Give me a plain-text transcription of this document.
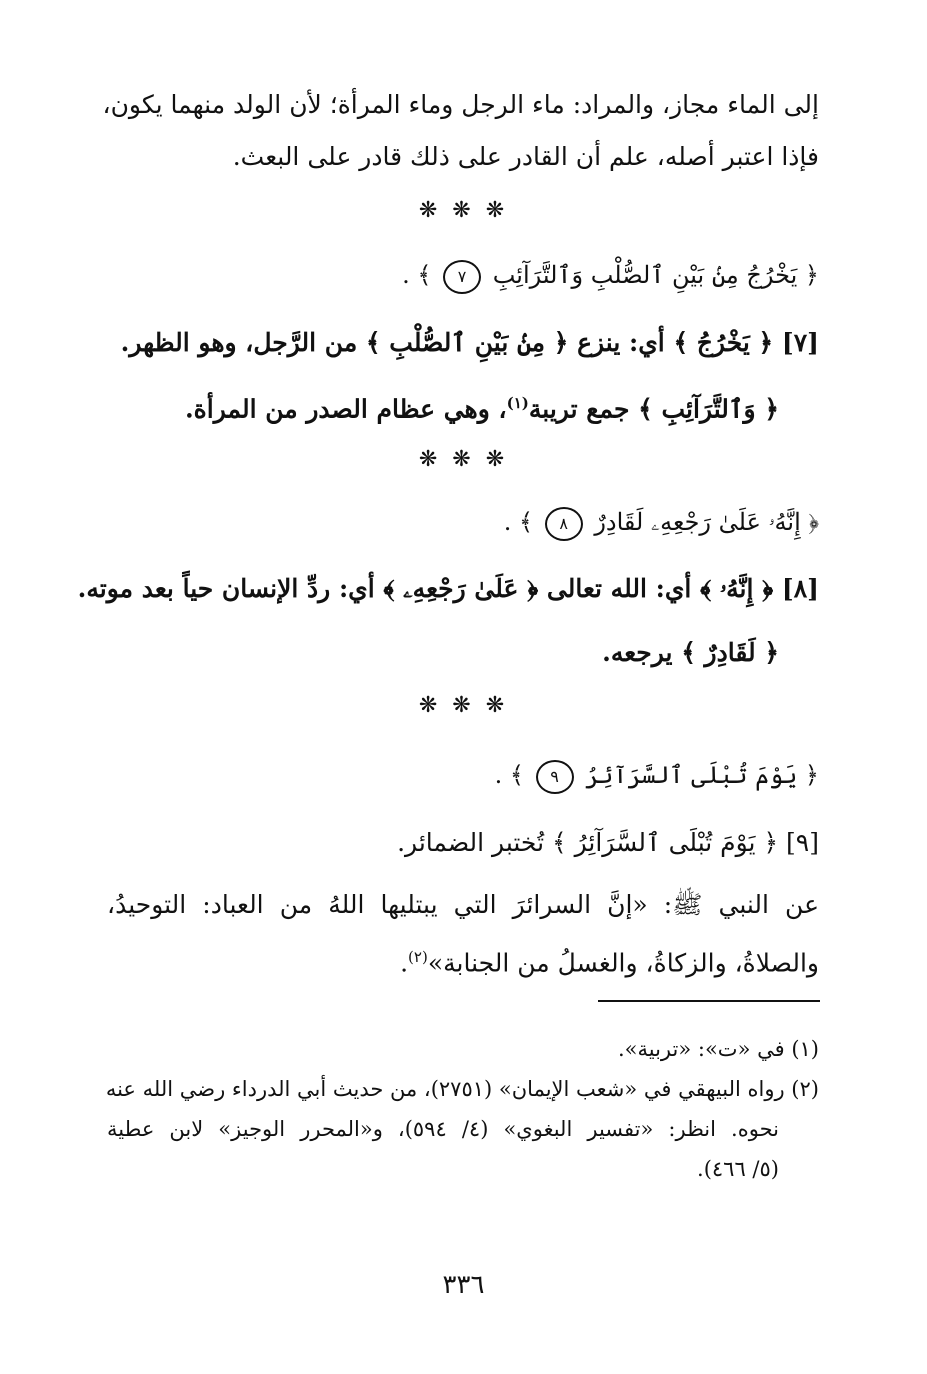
إلى الماء مجاز، والمراد: ماء الرجل وماء المرأة؛ لأن الولد منهما يكون،
فإذا اعتبر أصله، علم أن القادر على ذلك قادر على البعث.
❋ ❋ ❋
﴿ يَخْرُجُ مِنۢ بَيْنِ ٱلصُّلْبِ وَٱلتَّرَآئِبِ ٧ ﴾ .
[٧] ﴿ يَخْرُجُ ﴾ أي: ينزع ﴿ مِنۢ بَيْنِ ٱلصُّلْبِ ﴾ من الرَّجل، وهو الظهر.
﴿ وَٱلتَّرَآئِبِ ﴾ جمع تريبة$^{(١)}$، وهي عظام الصدر من المرأة.
❋ ❋ ❋
﴿ إِنَّهُۥ عَلَىٰ رَجْعِهِۦ لَقَادِرٌ ٨ ﴾ .
[٨] ﴿ إِنَّهُۥ ﴾ أي: الله تعالى ﴿ عَلَىٰ رَجْعِهِۦ ﴾ أي: ردِّ الإنسان حياً بعد موته.
﴿ لَقَادِرٌ ﴾ يرجعه.
❋ ❋ ❋
﴿ يَوْمَ تُبْلَى ٱلسَّرَآئِرُ ٩ ﴾ .
[٩] ﴿ يَوْمَ تُبْلَى ٱلسَّرَآئِرُ ﴾ تُختبر الضمائر.
عن النبي ﷺ: «إنَّ السرائرَ التي يبتليها اللهُ من العباد: التوحيدُ،
والصلاةُ، والزكاةُ، والغسلُ من الجنابة»$^{(٢)}$.
(١) في «ت»: «تربية».
(٢) رواه البيهقي في «شعب الإيمان» (٢٧٥١)، من حديث أبي الدرداء رضي الله عنه
نحوه. انظر: «تفسير البغوي» (٤/ ٥٩٤)، و«المحرر الوجيز» لابن عطية
(٥/ ٤٦٦).
٣٣٦
